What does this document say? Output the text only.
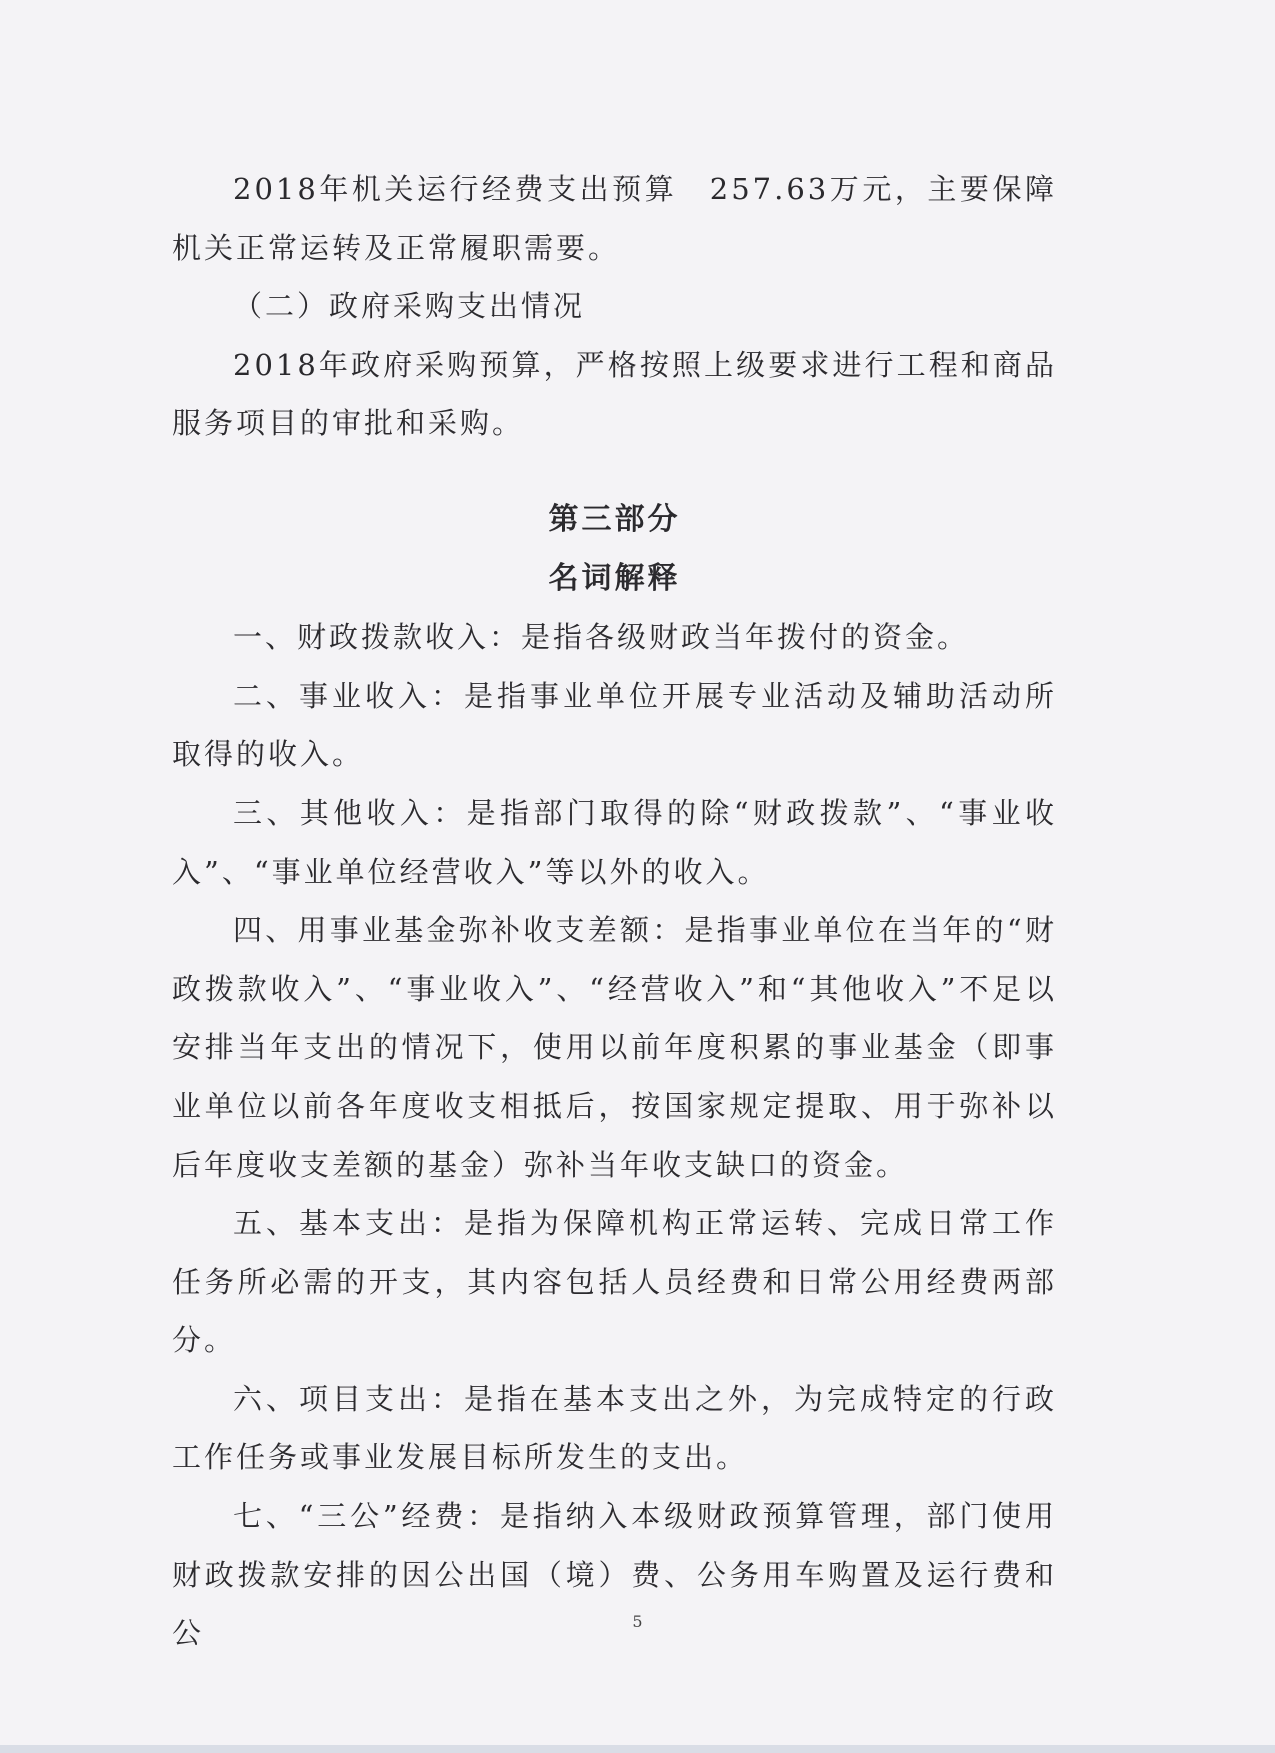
2018年机关运行经费支出预算　257.63万元，主要保障机关正常运转及正常履职需要。

（二）政府采购支出情况

2018年政府采购预算，严格按照上级要求进行工程和商品服务项目的审批和采购。

第三部分

名词解释

一、财政拨款收入：是指各级财政当年拨付的资金。

二、事业收入：是指事业单位开展专业活动及辅助活动所取得的收入。

三、其他收入：是指部门取得的除“财政拨款”、“事业收入”、“事业单位经营收入”等以外的收入。

四、用事业基金弥补收支差额：是指事业单位在当年的“财政拨款收入”、“事业收入”、“经营收入”和“其他收入”不足以安排当年支出的情况下，使用以前年度积累的事业基金（即事业单位以前各年度收支相抵后，按国家规定提取、用于弥补以后年度收支差额的基金）弥补当年收支缺口的资金。

五、基本支出：是指为保障机构正常运转、完成日常工作任务所必需的开支，其内容包括人员经费和日常公用经费两部分。

六、项目支出：是指在基本支出之外，为完成特定的行政工作任务或事业发展目标所发生的支出。

七、“三公”经费：是指纳入本级财政预算管理，部门使用财政拨款安排的因公出国（境）费、公务用车购置及运行费和公	5
